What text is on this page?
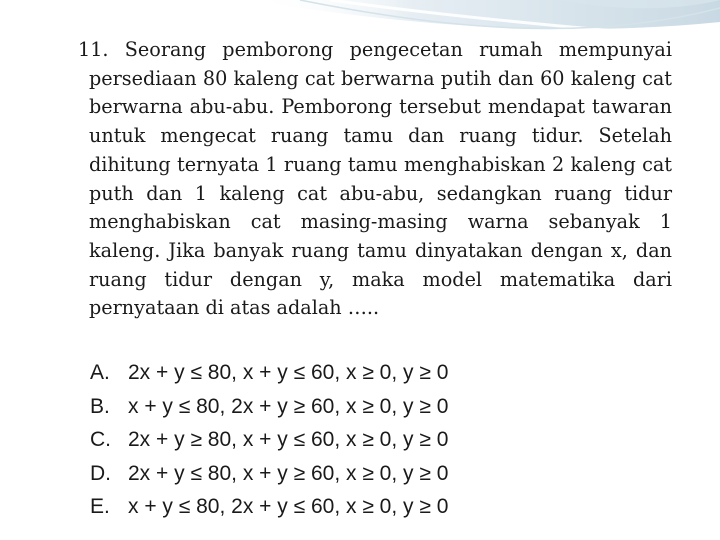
11. Seorang pemborong pengecetan rumah mempunyai persediaan 80 kaleng cat berwarna putih dan 60 kaleng cat berwarna abu-abu. Pemborong tersebut mendapat tawaran untuk mengecat ruang tamu dan ruang tidur. Setelah dihitung ternyata 1 ruang tamu menghabiskan 2 kaleng cat puth dan 1 kaleng cat abu-abu, sedangkan ruang tidur menghabiskan cat masing-masing warna sebanyak 1 kaleng. Jika banyak ruang tamu dinyatakan dengan x, dan ruang tidur dengan y, maka model matematika dari pernyataan di atas adalah …..
A. 2x + y ≤ 80, x + y ≤ 60, x ≥ 0, y ≥ 0
B. x + y ≤ 80, 2x + y ≥ 60, x ≥ 0, y ≥ 0
C. 2x + y ≥ 80, x + y ≤ 60, x ≥ 0, y ≥ 0
D. 2x + y ≤ 80, x + y ≥ 60, x ≥ 0, y ≥ 0
E. x + y ≤ 80, 2x + y ≤ 60, x ≥ 0, y ≥ 0
